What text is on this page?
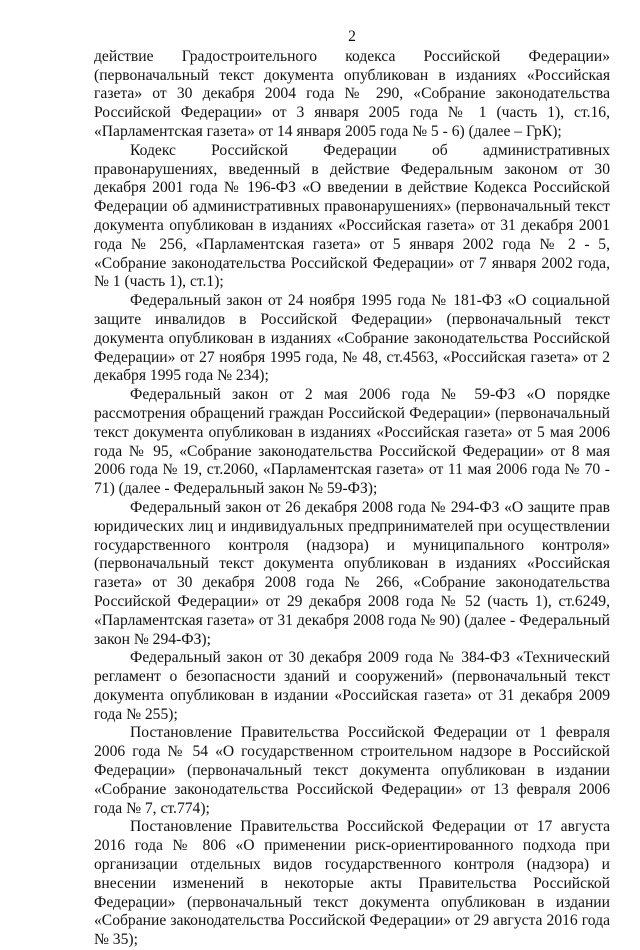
2

действие Градостроительного кодекса Российской Федерации» (первоначальный текст документа опубликован в изданиях «Российская газета» от 30 декабря 2004 года № 290, «Собрание законодательства Российской Федерации» от 3 января 2005 года № 1 (часть 1), ст.16, «Парламентская газета» от 14 января 2005 года № 5 - 6) (далее – ГрК);

Кодекс Российской Федерации об административных правонарушениях, введенный в действие Федеральным законом от 30 декабря 2001 года № 196-ФЗ «О введении в действие Кодекса Российской Федерации об административных правонарушениях» (первоначальный текст документа опубликован в изданиях «Российская газета» от 31 декабря 2001 года № 256, «Парламентская газета» от 5 января 2002 года № 2 - 5, «Собрание законодательства Российской Федерации» от 7 января 2002 года, № 1 (часть 1), ст.1);

Федеральный закон от 24 ноября 1995 года № 181-ФЗ «О социальной защите инвалидов в Российской Федерации» (первоначальный текст документа опубликован в изданиях «Собрание законодательства Российской Федерации» от 27 ноября 1995 года, № 48, ст.4563, «Российская газета» от 2 декабря 1995 года № 234);

Федеральный закон от 2 мая 2006 года № 59-ФЗ «О порядке рассмотрения обращений граждан Российской Федерации» (первоначальный текст документа опубликован в изданиях «Российская газета» от 5 мая 2006 года № 95, «Собрание законодательства Российской Федерации» от 8 мая 2006 года № 19, ст.2060, «Парламентская газета» от 11 мая 2006 года № 70 - 71) (далее - Федеральный закон № 59-ФЗ);

Федеральный закон от 26 декабря 2008 года № 294-ФЗ «О защите прав юридических лиц и индивидуальных предпринимателей при осуществлении государственного контроля (надзора) и муниципального контроля» (первоначальный текст документа опубликован в изданиях «Российская газета» от 30 декабря 2008 года № 266, «Собрание законодательства Российской Федерации» от 29 декабря 2008 года № 52 (часть 1), ст.6249, «Парламентская газета» от 31 декабря 2008 года № 90) (далее - Федеральный закон № 294-ФЗ);

Федеральный закон от 30 декабря 2009 года № 384-ФЗ «Технический регламент о безопасности зданий и сооружений» (первоначальный текст документа опубликован в издании «Российская газета» от 31 декабря 2009 года № 255);

Постановление Правительства Российской Федерации от 1 февраля 2006 года № 54 «О государственном строительном надзоре в Российской Федерации» (первоначальный текст документа опубликован в издании «Собрание законодательства Российской Федерации» от 13 февраля 2006 года № 7, ст.774);

Постановление Правительства Российской Федерации от 17 августа 2016 года № 806 «О применении риск-ориентированного подхода при организации отдельных видов государственного контроля (надзора) и внесении изменений в некоторые акты Правительства Российской Федерации» (первоначальный текст документа опубликован в издании «Собрание законодательства Российской Федерации» от 29 августа 2016 года № 35);
